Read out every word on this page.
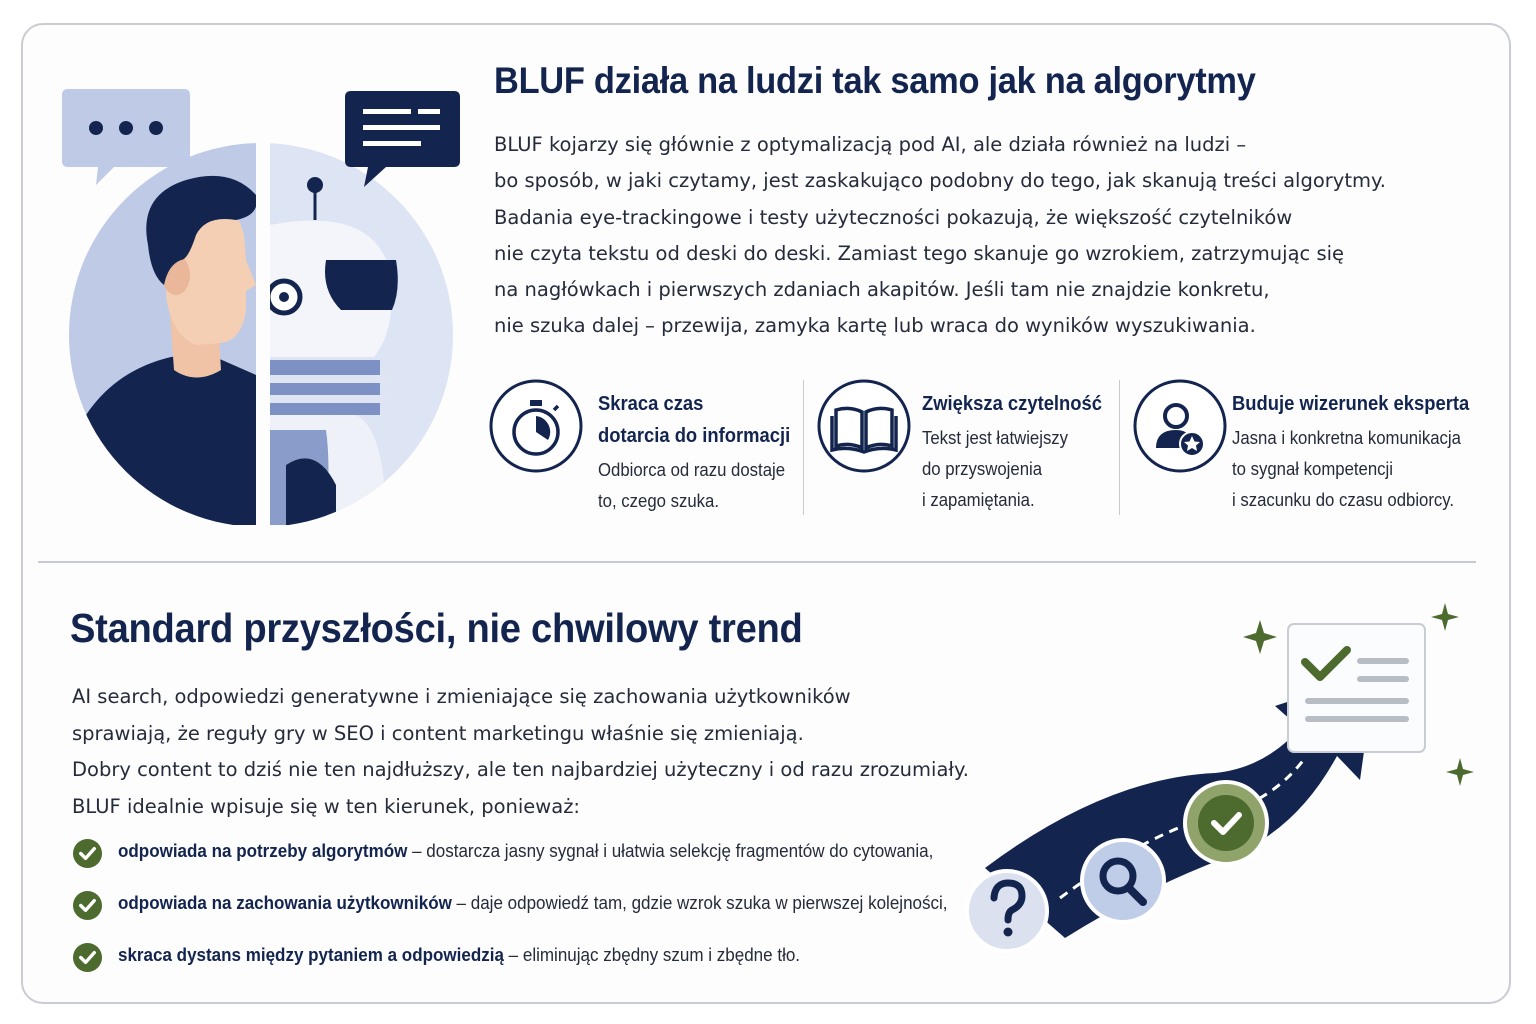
BLUF działa na ludzi tak samo jak na algorytmy
BLUF kojarzy się głównie z optymalizacją pod AI, ale działa również na ludzi –
bo sposób, w jaki czytamy, jest zaskakująco podobny do tego, jak skanują treści algorytmy.
Badania eye-trackingowe i testy użyteczności pokazują, że większość czytelników
nie czyta tekstu od deski do deski. Zamiast tego skanuje go wzrokiem, zatrzymując się
na nagłówkach i pierwszych zdaniach akapitów. Jeśli tam nie znajdzie konkretu,
nie szuka dalej – przewija, zamyka kartę lub wraca do wyników wyszukiwania.
Skraca czas
dotarcia do informacji
Odbiorca od razu dostaje
to, czego szuka.
Zwiększa czytelność
Tekst jest łatwiejszy
do przyswojenia
i zapamiętania.
Buduje wizerunek eksperta
Jasna i konkretna komunikacja
to sygnał kompetencji
i szacunku do czasu odbiorcy.
Standard przyszłości, nie chwilowy trend
AI search, odpowiedzi generatywne i zmieniające się zachowania użytkowników
sprawiają, że reguły gry w SEO i content marketingu właśnie się zmieniają.
Dobry content to dziś nie ten najdłuższy, ale ten najbardziej użyteczny i od razu zrozumiały.
BLUF idealnie wpisuje się w ten kierunek, ponieważ:
odpowiada na potrzeby algorytmów – dostarcza jasny sygnał i ułatwia selekcję fragmentów do cytowania,
odpowiada na zachowania użytkowników – daje odpowiedź tam, gdzie wzrok szuka w pierwszej kolejności,
skraca dystans między pytaniem a odpowiedzią – eliminując zbędny szum i zbędne tło.
